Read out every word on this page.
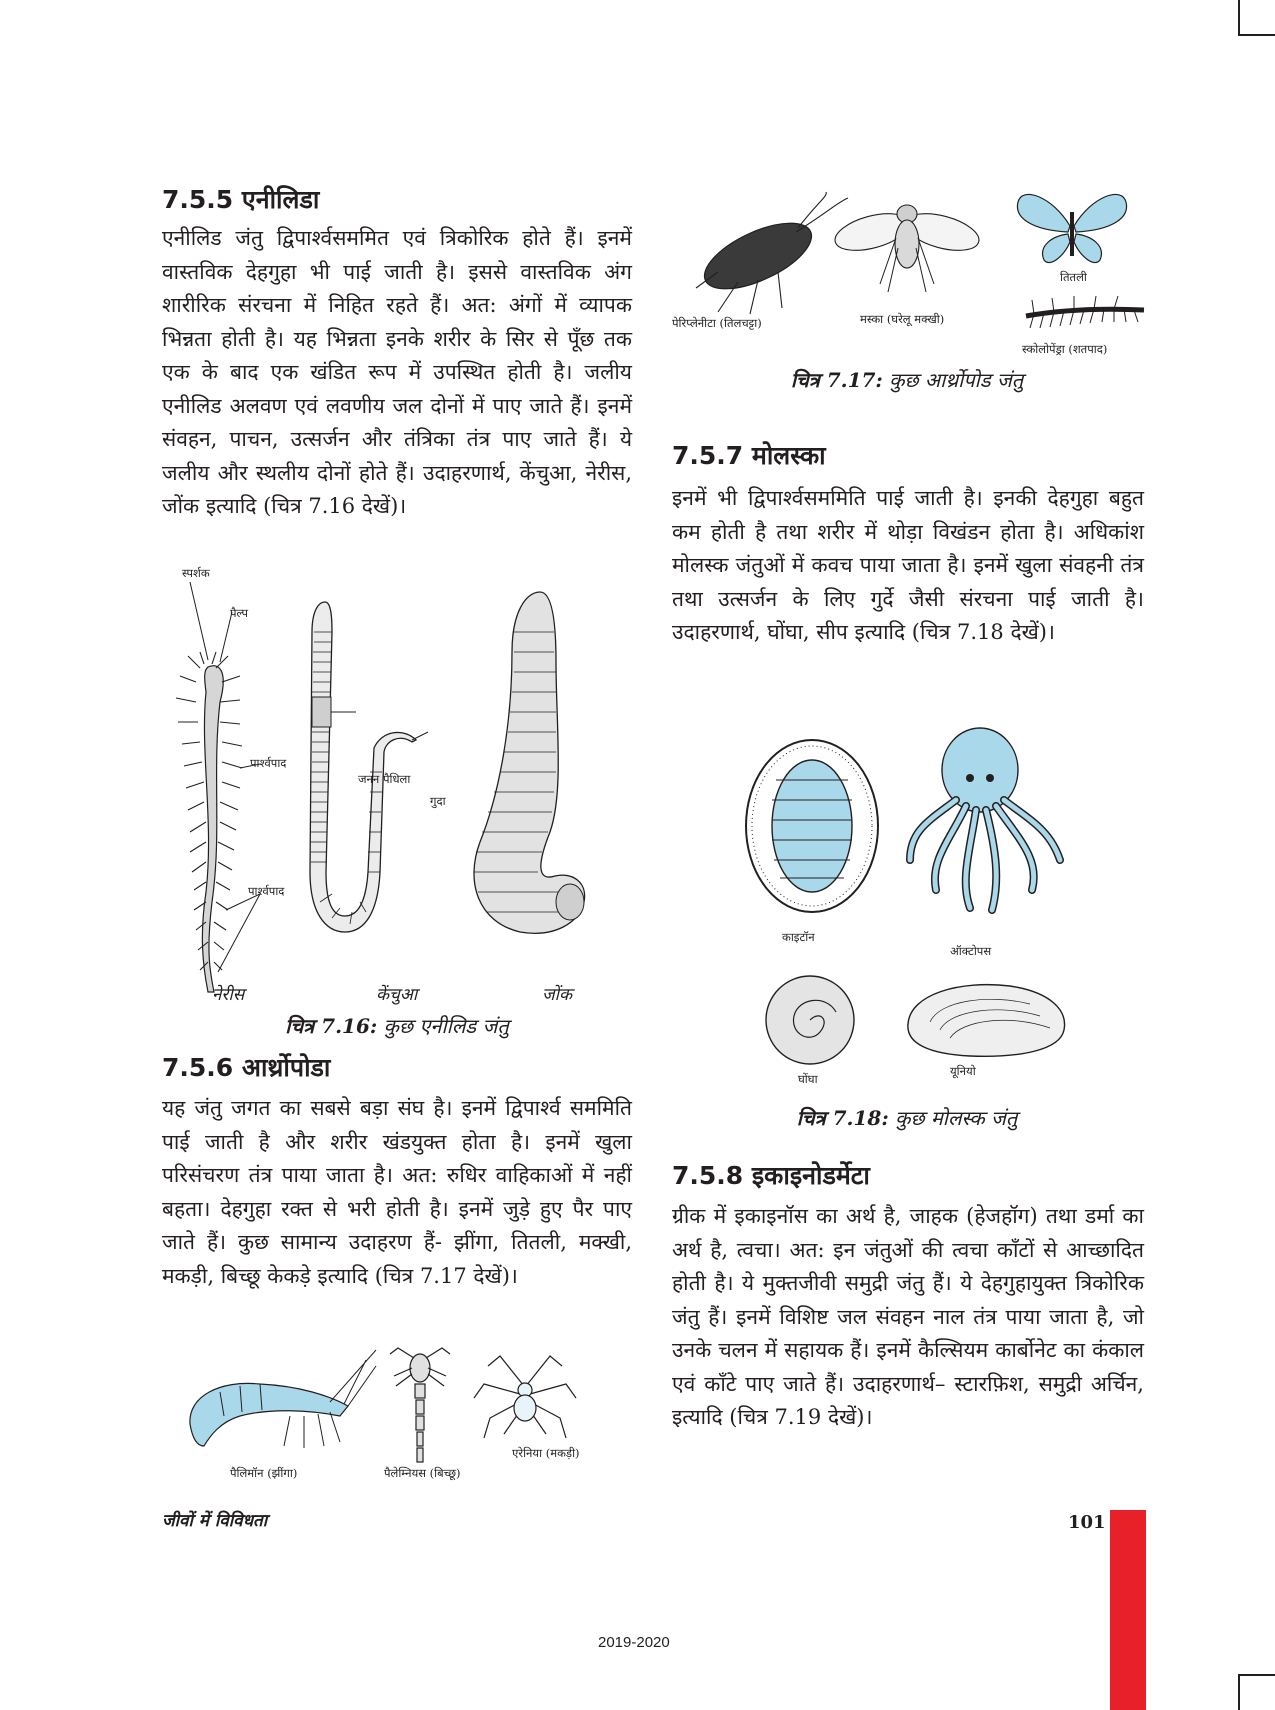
7.5.5 एनीलिडा

एनीलिड जंतु द्विपार्श्वसममित एवं त्रिकोरिक होते हैं। इनमें वास्तविक देहगुहा भी पाई जाती है। इससे वास्तविक अंग शारीरिक संरचना में निहित रहते हैं। अत: अंगों में व्यापक भिन्नता होती है। यह भिन्नता इनके शरीर के सिर से पूँछ तक एक के बाद एक खंडित रूप में उपस्थित होती है। जलीय एनीलिड अलवण एवं लवणीय जल दोनों में पाए जाते हैं। इनमें संवहन, पाचन, उत्सर्जन और तंत्रिका तंत्र पाए जाते हैं। ये जलीय और स्थलीय दोनों होते हैं। उदाहरणार्थ, केंचुआ, नेरीस, जोंक इत्यादि (चित्र 7.16 देखें)।

स्पर्शक
पैल्प
पार्श्वपाद
पार्श्वपाद
जनन पैधिला
गुदा
नेरीस	केंचुआ	जोंक

चित्र 7.16: कुछ एनीलिड जंतु

7.5.6 आर्थ्रोपोडा

यह जंतु जगत का सबसे बड़ा संघ है। इनमें द्विपार्श्व सममिति पाई जाती है और शरीर खंडयुक्त होता है। इनमें खुला परिसंचरण तंत्र पाया जाता है। अत: रुधिर वाहिकाओं में नहीं बहता। देहगुहा रक्त से भरी होती है। इनमें जुड़े हुए पैर पाए जाते हैं। कुछ सामान्य उदाहरण हैं- झींगा, तितली, मक्खी, मकड़ी, बिच्छू केकड़े इत्यादि (चित्र 7.17 देखें)।

पैलिमॉन (झींगा)	पैलेम्नियस (बिच्छू)
एरेनिया (मकड़ी)
पेरिप्लेनीटा (तिलचट्टा)	मस्का (घरेलू मक्खी)
तितली
स्कोलोपेंड्रा (शतपाद)

चित्र 7.17: कुछ आर्थ्रोपोड जंतु

7.5.7 मोलस्का

इनमें भी द्विपार्श्वसममिति पाई जाती है। इनकी देहगुहा बहुत कम होती है तथा शरीर में थोड़ा विखंडन होता है। अधिकांश मोलस्क जंतुओं में कवच पाया जाता है। इनमें खुला संवहनी तंत्र तथा उत्सर्जन के लिए गुर्दे जैसी संरचना पाई जाती है। उदाहरणार्थ, घोंघा, सीप इत्यादि (चित्र 7.18 देखें)।

काइटॉन
ऑक्टोपस
घोंघा
यूनियो

चित्र 7.18: कुछ मोलस्क जंतु

7.5.8 इकाइनोडर्मेटा

ग्रीक में इकाइनॉस का अर्थ है, जाहक (हेजहॉग) तथा डर्मा का अर्थ है, त्वचा। अत: इन जंतुओं की त्वचा काँटों से आच्छादित होती है। ये मुक्तजीवी समुद्री जंतु हैं। ये देहगुहायुक्त त्रिकोरिक जंतु हैं। इनमें विशिष्ट जल संवहन नाल तंत्र पाया जाता है, जो उनके चलन में सहायक हैं। इनमें कैल्सियम कार्बोनेट का कंकाल एवं काँटे पाए जाते हैं। उदाहरणार्थ– स्टारफ़िश, समुद्री अर्चिन, इत्यादि (चित्र 7.19 देखें)।

जीवों में विविधता	101
2019-2020
